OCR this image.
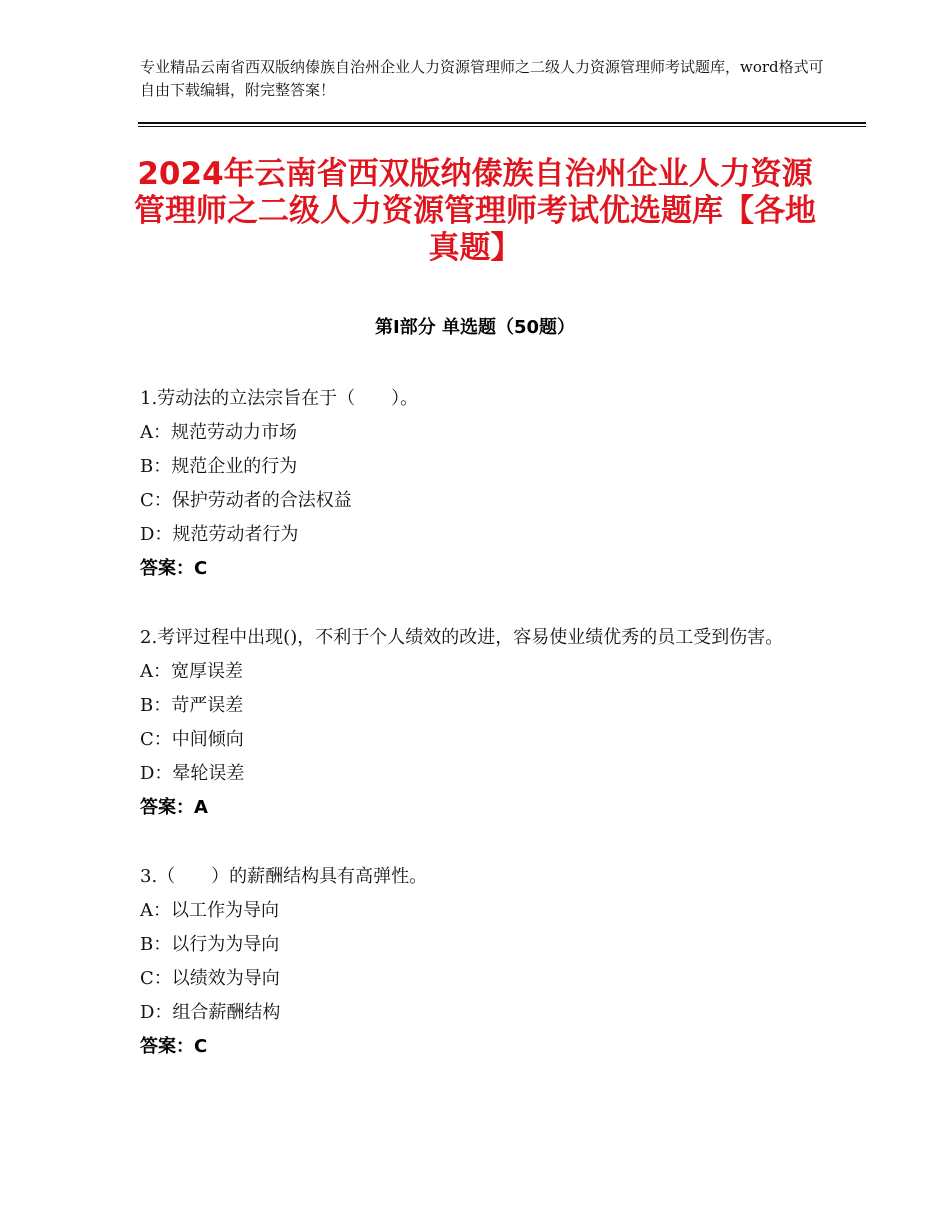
专业精品云南省西双版纳傣族自治州企业人力资源管理师之二级人力资源管理师考试题库，word格式可自由下载编辑，附完整答案！
2024年云南省西双版纳傣族自治州企业人力资源管理师之二级人力资源管理师考试优选题库【各地真题】
第Ⅰ部分 单选题（50题）
1.劳动法的立法宗旨在于（　　）。
A：规范劳动力市场
B：规范企业的行为
C：保护劳动者的合法权益
D：规范劳动者行为
答案：C
2.考评过程中出现()，不利于个人绩效的改进，容易使业绩优秀的员工受到伤害。
A：宽厚误差
B：苛严误差
C：中间倾向
D：晕轮误差
答案：A
3.（　　）的薪酬结构具有高弹性。
A：以工作为导向
B：以行为为导向
C：以绩效为导向
D：组合薪酬结构
答案：C
